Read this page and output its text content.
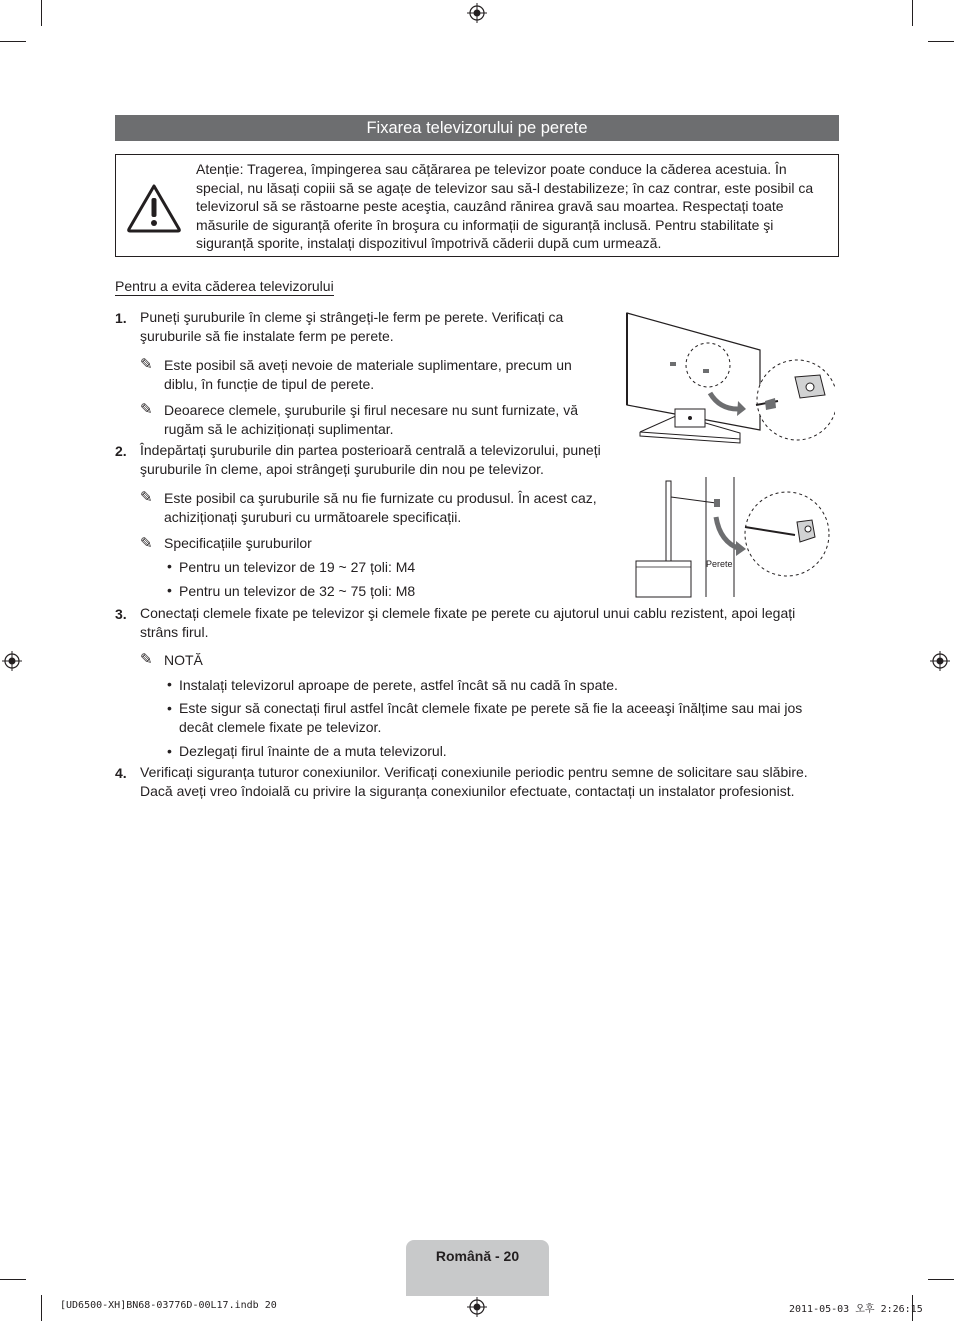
Fixarea televizorului pe perete
Atenție: Tragerea, împingerea sau cățărarea pe televizor poate conduce la căderea acestuia. În special, nu lăsați copiii să se agațe de televizor sau să-l destabilizeze; în caz contrar, este posibil ca televizorul să se răstoarne peste aceştia, cauzând rănirea gravă sau moartea. Respectați toate măsurile de siguranță oferite în broşura cu informații de siguranță inclusă. Pentru stabilitate şi siguranță sporite, instalați dispozitivul împotrivă căderii după cum urmează.
Pentru a evita căderea televizorului
1. Puneți şuruburile în cleme şi strângeți-le ferm pe perete. Verificați ca şuruburile să fie instalate ferm pe perete.
✎ Este posibil să aveți nevoie de materiale suplimentare, precum un diblu, în funcție de tipul de perete.
✎ Deoarece clemele, şuruburile şi firul necesare nu sunt furnizate, vă rugăm să le achiziționați suplimentar.
2. Îndepărtați şuruburile din partea posterioară centrală a televizorului, puneți şuruburile în cleme, apoi strângeți şuruburile din nou pe televizor.
✎ Este posibil ca şuruburile să nu fie furnizate cu produsul. În acest caz, achiziționați şuruburi cu următoarele specificații.
✎ Specificațiile şuruburilor
• Pentru un televizor de 19 ~ 27 țoli: M4
• Pentru un televizor de 32 ~ 75 țoli: M8
3. Conectați clemele fixate pe televizor şi clemele fixate pe perete cu ajutorul unui cablu rezistent, apoi legați strâns firul.
✎ NOTĂ
• Instalați televizorul aproape de perete, astfel încât să nu cadă în spate.
• Este sigur să conectați firul astfel încât clemele fixate pe perete să fie la aceeaşi înălțime sau mai jos decât clemele fixate pe televizor.
• Dezlegați firul înainte de a muta televizorul.
4. Verificați siguranța tuturor conexiunilor. Verificați conexiunile periodic pentru semne de solicitare sau slăbire. Dacă aveți vreo îndoială cu privire la siguranța conexiunilor efectuate, contactați un instalator profesionist.
Perete
Română - 20
[UD6500-XH]BN68-03776D-00L17.indb 20	2011-05-03 오후 2:26:15
